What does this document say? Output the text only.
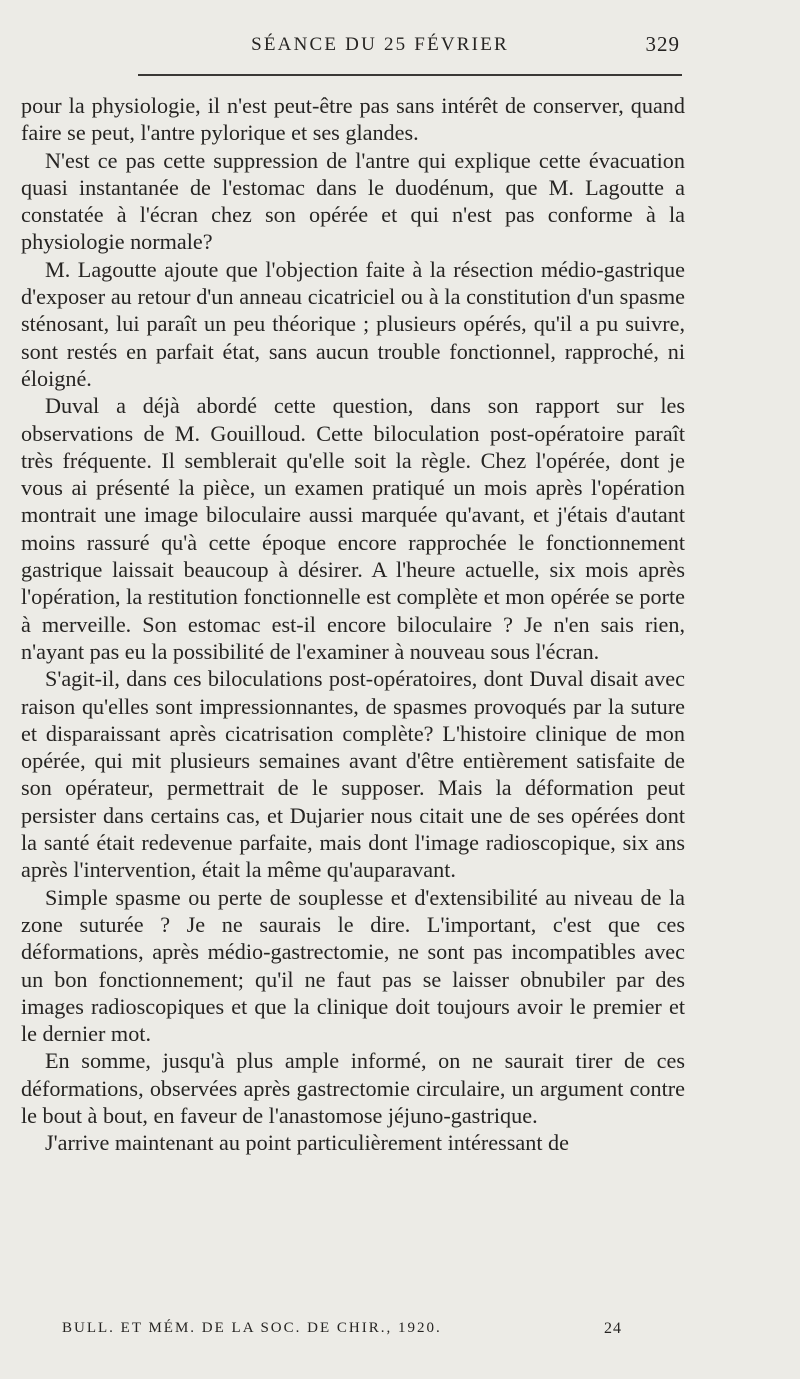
SÉANCE DU 25 FÉVRIER	329

pour la physiologie, il n'est peut-être pas sans intérêt de conserver, quand faire se peut, l'antre pylorique et ses glandes.

N'est ce pas cette suppression de l'antre qui explique cette évacuation quasi instantanée de l'estomac dans le duodénum, que M. Lagoutte a constatée à l'écran chez son opérée et qui n'est pas conforme à la physiologie normale?

M. Lagoutte ajoute que l'objection faite à la résection médio-gastrique d'exposer au retour d'un anneau cicatriciel ou à la constitution d'un spasme sténosant, lui paraît un peu théorique ; plusieurs opérés, qu'il a pu suivre, sont restés en parfait état, sans aucun trouble fonctionnel, rapproché, ni éloigné.

Duval a déjà abordé cette question, dans son rapport sur les observations de M. Gouilloud. Cette biloculation post-opératoire paraît très fréquente. Il semblerait qu'elle soit la règle. Chez l'opérée, dont je vous ai présenté la pièce, un examen pratiqué un mois après l'opération montrait une image biloculaire aussi marquée qu'avant, et j'étais d'autant moins rassuré qu'à cette époque encore rapprochée le fonctionnement gastrique laissait beaucoup à désirer. A l'heure actuelle, six mois après l'opération, la restitution fonctionnelle est complète et mon opérée se porte à merveille. Son estomac est-il encore biloculaire ? Je n'en sais rien, n'ayant pas eu la possibilité de l'examiner à nouveau sous l'écran.

S'agit-il, dans ces biloculations post-opératoires, dont Duval disait avec raison qu'elles sont impressionnantes, de spasmes provoqués par la suture et disparaissant après cicatrisation complète? L'histoire clinique de mon opérée, qui mit plusieurs semaines avant d'être entièrement satisfaite de son opérateur, permettrait de le supposer. Mais la déformation peut persister dans certains cas, et Dujarier nous citait une de ses opérées dont la santé était redevenue parfaite, mais dont l'image radioscopique, six ans après l'intervention, était la même qu'auparavant.

Simple spasme ou perte de souplesse et d'extensibilité au niveau de la zone suturée ? Je ne saurais le dire. L'important, c'est que ces déformations, après médio-gastrectomie, ne sont pas incompatibles avec un bon fonctionnement; qu'il ne faut pas se laisser obnubiler par des images radioscopiques et que la clinique doit toujours avoir le premier et le dernier mot.

En somme, jusqu'à plus ample informé, on ne saurait tirer de ces déformations, observées après gastrectomie circulaire, un argument contre le bout à bout, en faveur de l'anastomose jéjuno-gastrique.

J'arrive maintenant au point particulièrement intéressant de

BULL. ET MÉM. DE LA SOC. DE CHIR., 1920.	24
